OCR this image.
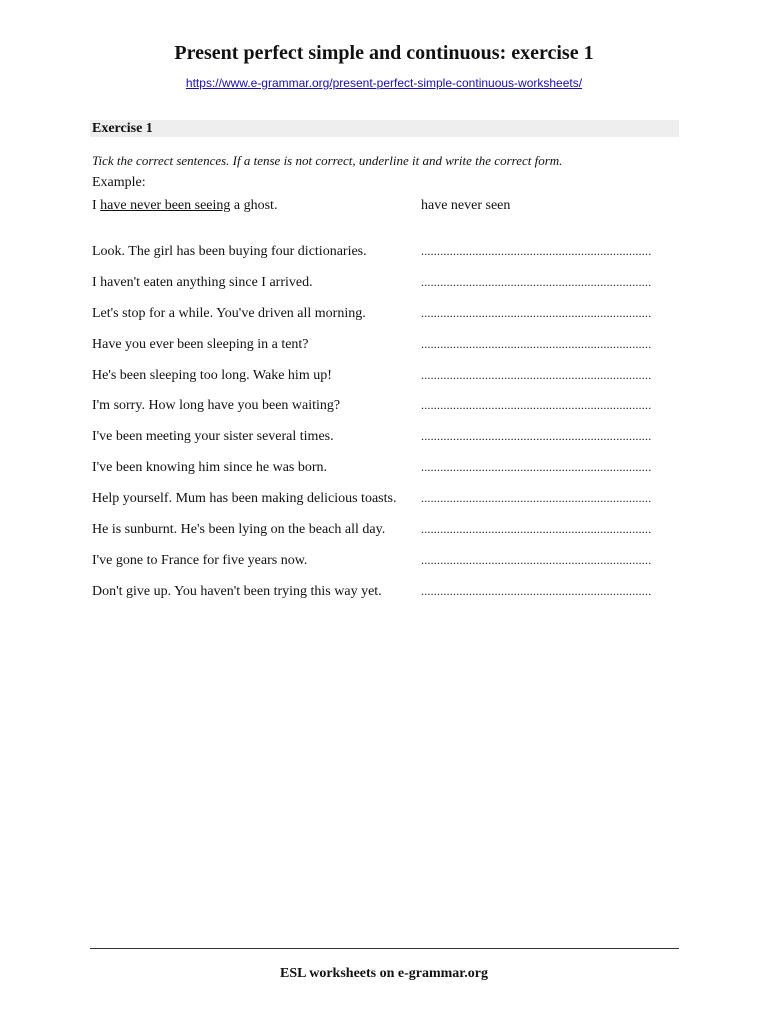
Present perfect simple and continuous: exercise 1
https://www.e-grammar.org/present-perfect-simple-continuous-worksheets/
Exercise 1
Tick the correct sentences. If a tense is not correct, underline it and write the correct form.
Example:
I have never been seeing a ghost.	have never seen
Look. The girl has been buying four dictionaries.	........................................................................
I haven't eaten anything since I arrived.	........................................................................
Let's stop for a while. You've driven all morning.	........................................................................
Have you ever been sleeping in a tent?	........................................................................
He's been sleeping too long. Wake him up!	........................................................................
I'm sorry. How long have you been waiting?	........................................................................
I've been meeting your sister several times.	........................................................................
I've been knowing him since he was born.	........................................................................
Help yourself. Mum has been making delicious toasts. ........................................................................
He is sunburnt. He's been lying on the beach all day.	........................................................................
I've gone to France for five years now.	........................................................................
Don't give up. You haven't been trying this way yet.	........................................................................
ESL worksheets on e-grammar.org
